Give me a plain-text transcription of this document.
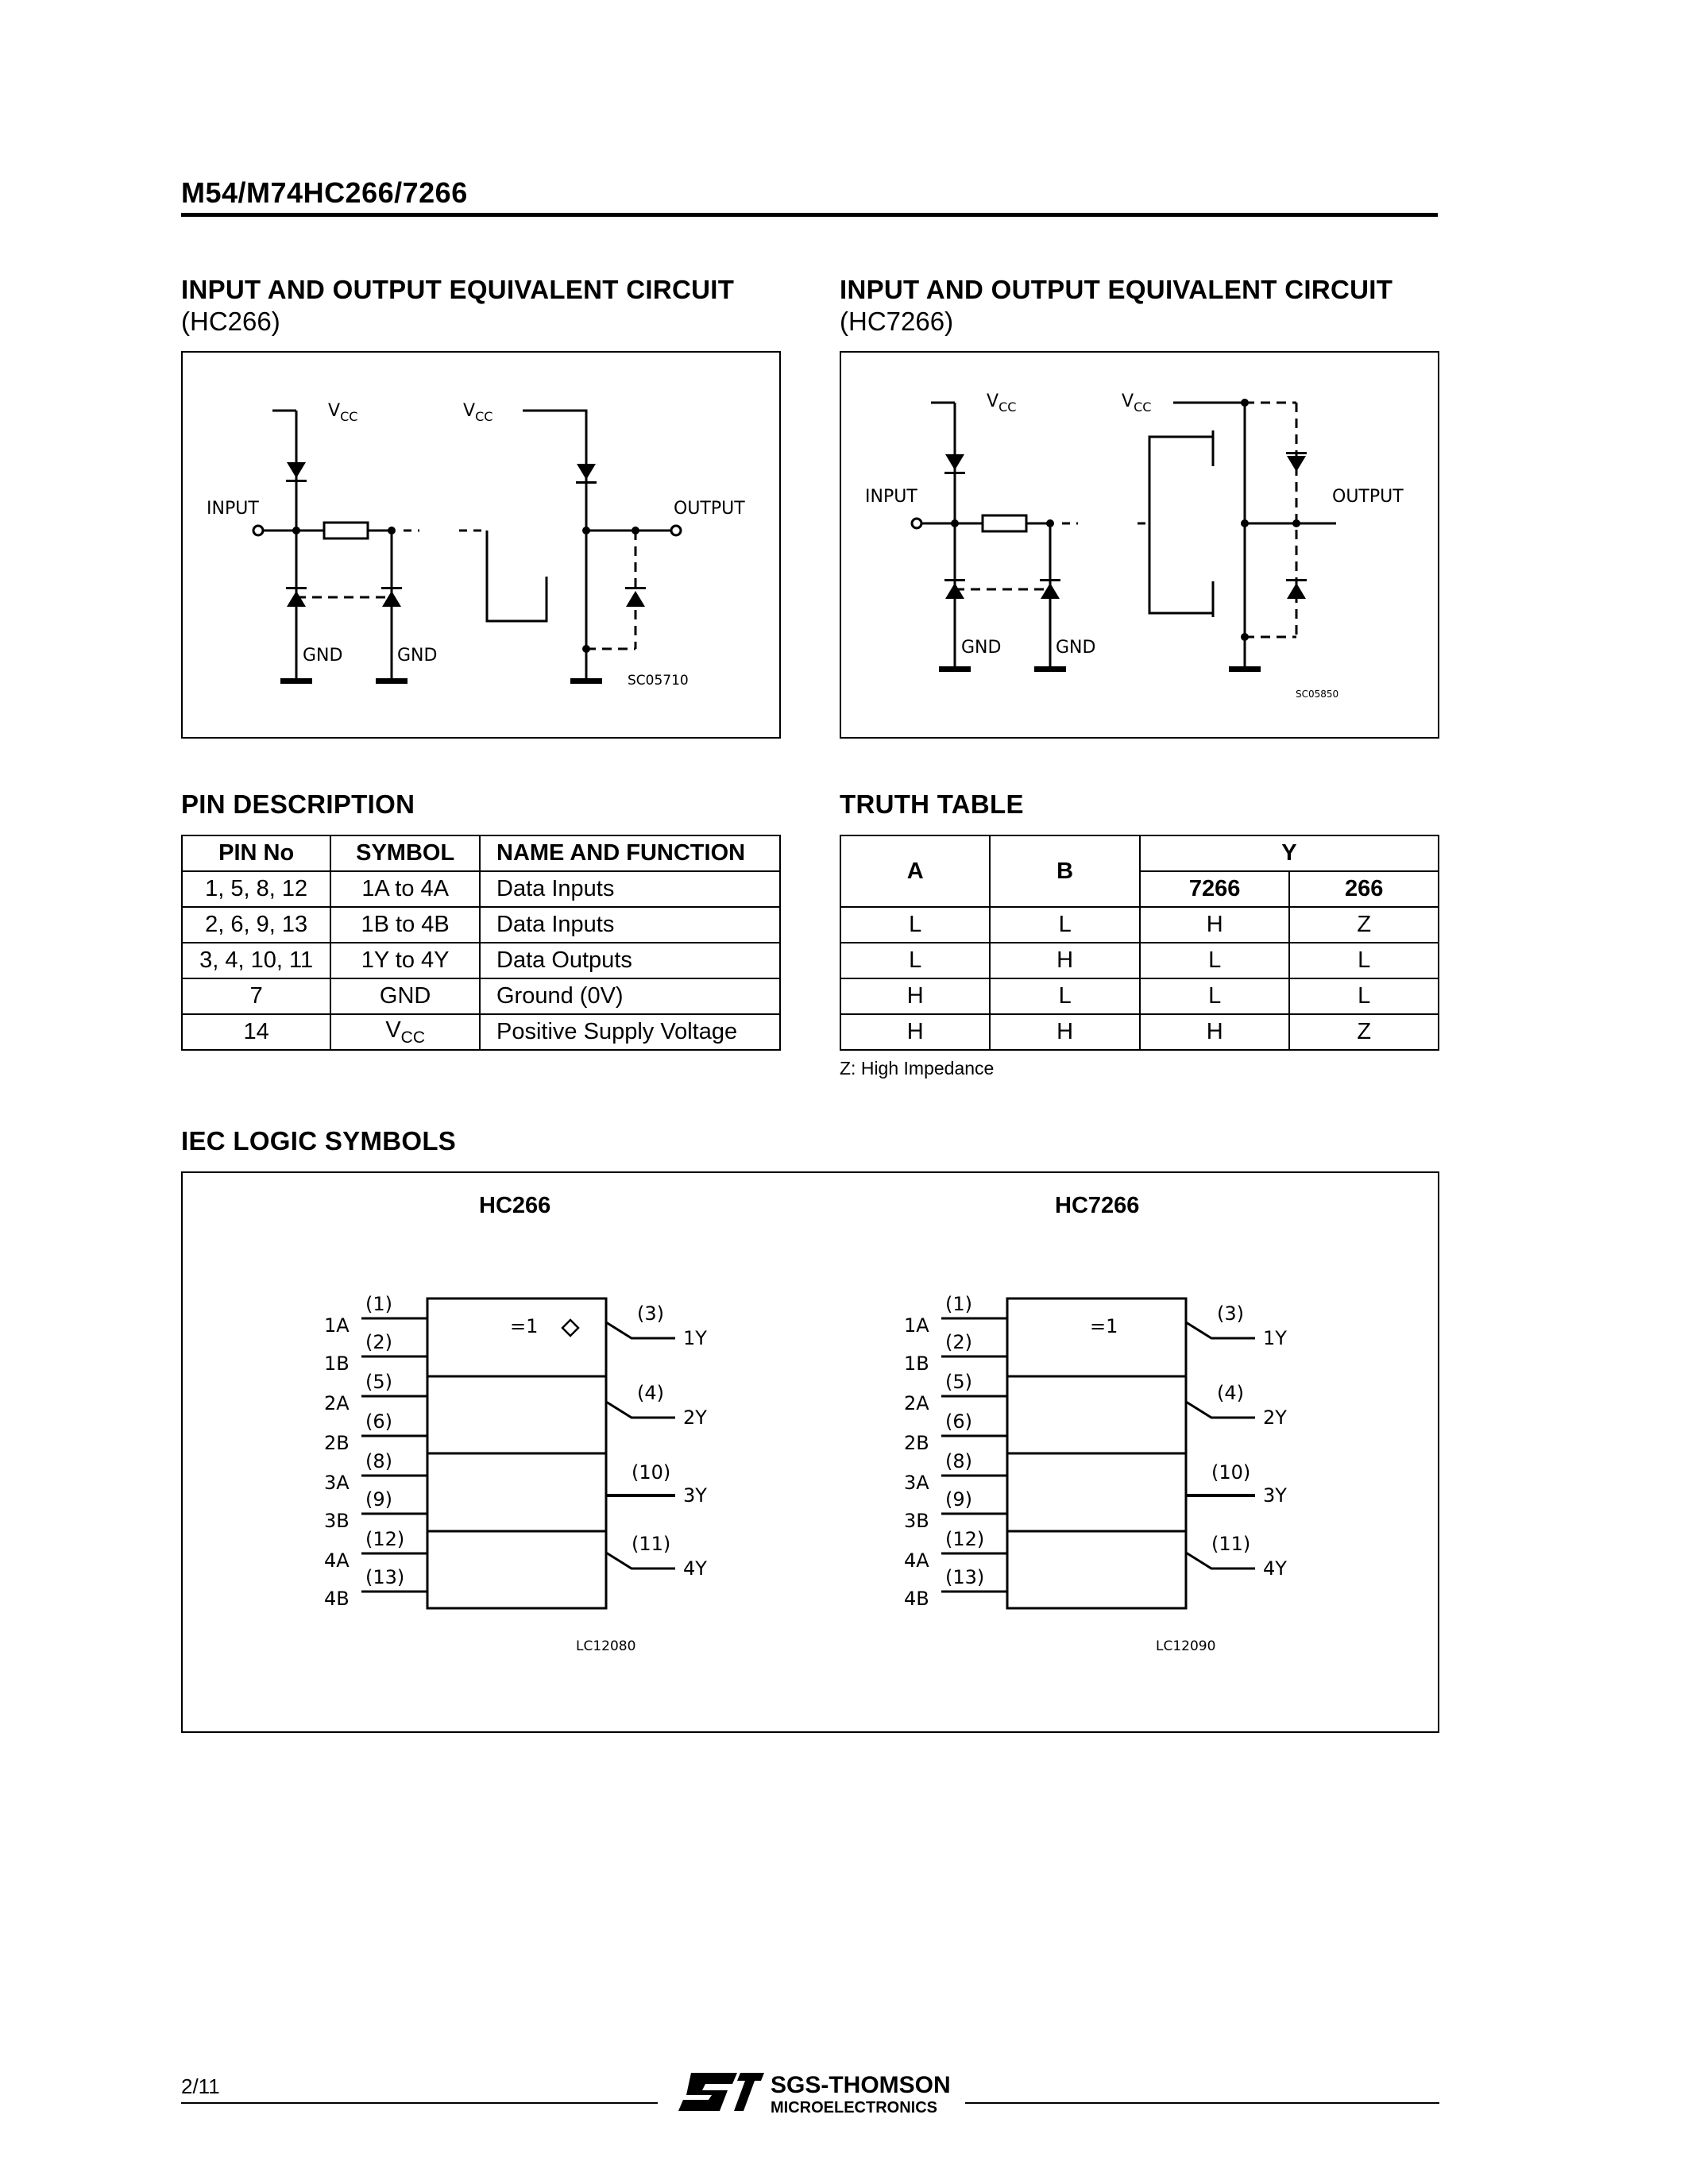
M54/M74HC266/7266
INPUT AND OUTPUT EQUIVALENT CIRCUIT
(HC266)
INPUT AND OUTPUT EQUIVALENT CIRCUIT
(HC7266)
$V_{CC}$	$V_{CC}$
INPUT	OUTPUT
GND	GND
SC05710
$V_{CC}$	$V_{CC}$
INPUT	OUTPUT
GND	GND
SC05850
PIN DESCRIPTION
PIN No	SYMBOL	NAME AND FUNCTION
1, 5, 8, 12	1A to 4A	Data Inputs
2, 6, 9, 13	1B to 4B	Data Inputs
3, 4, 10, 11	1Y to 4Y	Data Outputs
7	GND	Ground (0V)
14	$V_{CC}$	Positive Supply Voltage
TRUTH TABLE
A	B	Y	
		7266	266
L	L	H	Z
L	H	L	L
H	L	L	L
H	H	H	Z
Z: High Impedance
IEC LOGIC SYMBOLS
HC266	HC7266
=1
1A
1B
2A
2B
3A
3B
4A
4B
(1)
(2)
(5)
(6)
(8)
(9)
(12)
(13)
(3)
(4)
(10)
(11)
1Y
2Y
3Y
4Y
LC12080
=1
1A
1B
2A
2B
3A
3B
4A
4B
(1)
(2)
(5)
(6)
(8)
(9)
(12)
(13)
(3)
(4)
(10)
(11)
1Y
2Y
3Y
4Y
LC12090
2/11	SGS-THOMSON
MICROELECTRONICS
